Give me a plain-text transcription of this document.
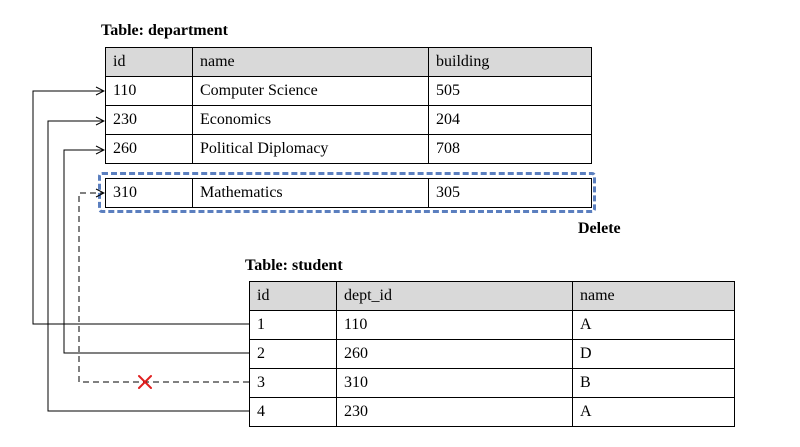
Table: department
id	name	building
110	Computer Science	505
230	Economics	204
260	Political Diplomacy	708
310	Mathematics	305
Delete
Table: student
id	dept_id	name
1	110	A
2	260	D
3	310	B
4	230	A
